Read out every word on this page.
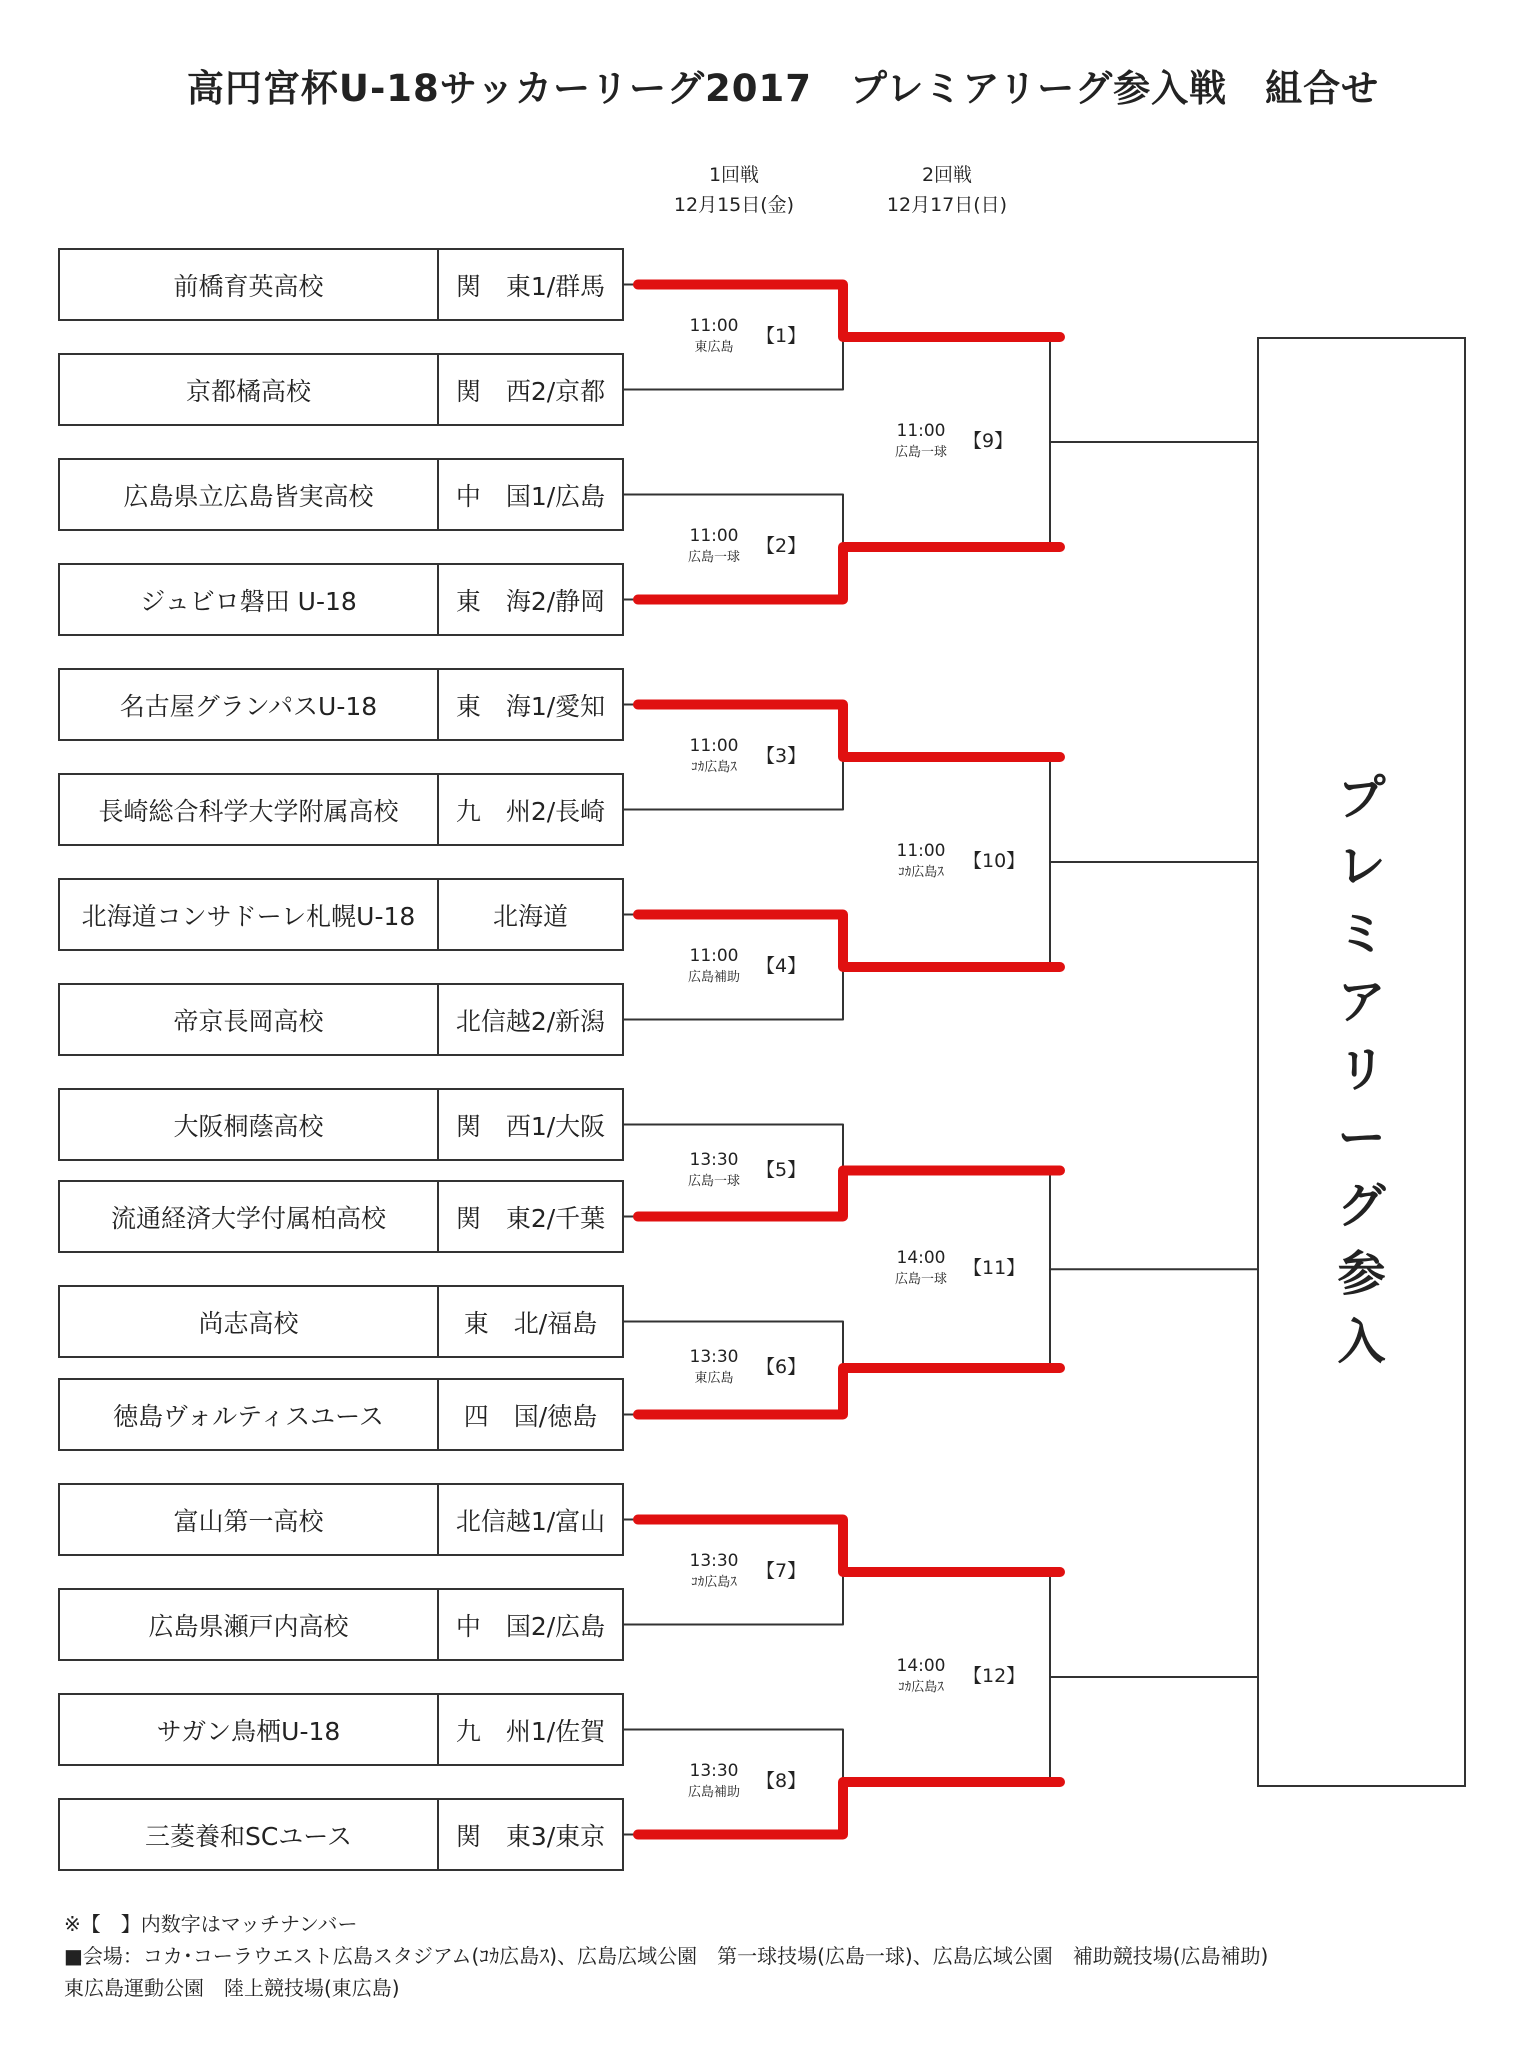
高円宮杯U-18サッカーリーグ2017　プレミアリーグ参入戦　組合せ
1回戦
12月15日(金)
2回戦
12月17日(日)
前橋育英高校	関　東1/群馬
京都橘高校	関　西2/京都
広島県立広島皆実高校	中　国1/広島
ジュビロ磐田 U-18	東　海2/静岡
名古屋グランパスU-18	東　海1/愛知
長崎総合科学大学附属高校	九　州2/長崎
北海道コンサドーレ札幌U-18	北海道
帝京長岡高校	北信越2/新潟
大阪桐蔭高校	関　西1/大阪
流通経済大学付属柏高校	関　東2/千葉
尚志高校	東　北/福島
徳島ヴォルティスユース	四　国/徳島
富山第一高校	北信越1/富山
広島県瀬戸内高校	中　国2/広島
サガン鳥栖U-18	九　州1/佐賀
三菱養和SCユース	関　東3/東京
11:00
東広島
【1】
11:00
広島一球
【2】
11:00
ｺｶ広島ｽ
【3】
11:00
広島補助
【4】
13:30
広島一球
【5】
13:30
東広島
【6】
13:30
ｺｶ広島ｽ
【7】
13:30
広島補助
【8】
11:00
広島一球
【9】
11:00
ｺｶ広島ｽ
【10】
14:00
広島一球
【11】
14:00
ｺｶ広島ｽ
【12】
プ
レ
ミ
ア
リ
ー
グ
参
入
※【　】内数字はマッチナンバー
■会場：コカ･コーラウエスト広島スタジアム(ｺｶ広島ｽ)、広島広域公園　第一球技場(広島一球)、広島広域公園　補助競技場(広島補助)
東広島運動公園　陸上競技場(東広島)
